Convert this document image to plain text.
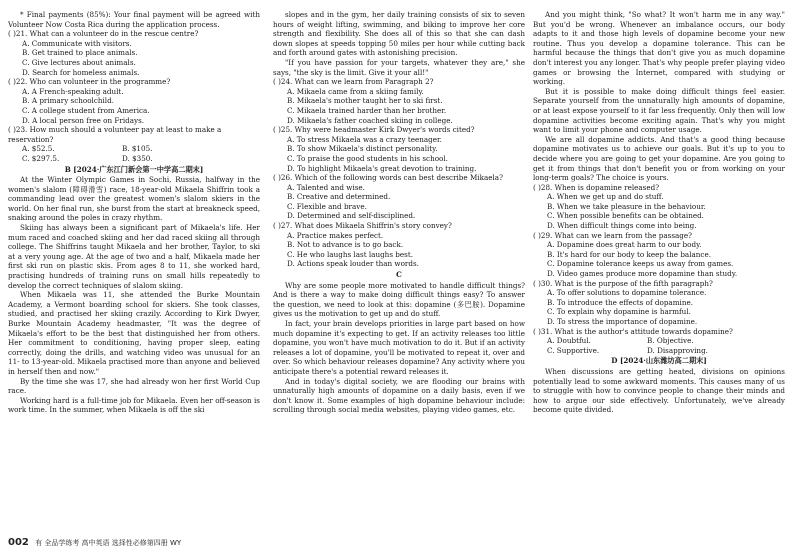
* Final payments (85%): Your final payment will be agreed with Volunteer Now Costa Rica during the application process.

( )21. What can a volunteer do in the rescue centre?

A. Communicate with visitors.

B. Get trained to place animals.

C. Give lectures about animals.

D. Search for homeless animals.

( )22. Who can volunteer in the programme?

A. A French-speaking adult.

B. A primary schoolchild.

C. A college student from America.

D. A local person free on Fridays.

( )23. How much should a volunteer pay at least to make a reservation?

A. $52.5.	B. $105.
C. $297.5.	D. $350.

B [2024·广东江门新会第一中学高二期末]

At the Winter Olympic Games in Sochi, Russia, halfway in the women's slalom (障碍滑雪) race, 18-year-old Mikaela Shiffrin took a commanding lead over the greatest women's slalom skiers in the world. On her final run, she burst from the start at breakneck speed, snaking around the poles in crazy rhythm.

Skiing has always been a significant part of Mikaela's life. Her mum raced and coached skiing and her dad raced skiing all through college. The Shiffrins taught Mikaela and her brother, Taylor, to ski at a very young age. At the age of two and a half, Mikaela made her first ski run on plastic skis. From ages 8 to 11, she worked hard, practising hundreds of training runs on small hills repeatedly to develop the correct techniques of slalom skiing.

When Mikaela was 11, she attended the Burke Mountain Academy, a Vermont boarding school for skiers. She took classes, studied, and practised her skiing crazily. According to Kirk Dwyer, Burke Mountain Academy headmaster, "It was the degree of Mikaela's effort to be the best that distinguished her from others. Her commitment to conditioning, having proper sleep, eating correctly, doing the drills, and watching video was unusual for an 11- to 13-year-old. Mikaela practised more than anyone and believed in herself then and now."

By the time she was 17, she had already won her first World Cup race.

Working hard is a full-time job for Mikaela. Even her off-season is work time. In the summer, when Mikaela is off the ski

slopes and in the gym, her daily training consists of six to seven hours of weight lifting, swimming, and biking to improve her core strength and flexibility. She does all of this so that she can dash down slopes at speeds topping 50 miles per hour while cutting back and forth around gates with astonishing precision.

"If you have passion for your targets, whatever they are," she says, "the sky is the limit. Give it your all!"

( )24. What can we learn from Paragraph 2?

A. Mikaela came from a skiing family.

B. Mikaela's mother taught her to ski first.

C. Mikaela trained harder than her brother.

D. Mikaela's father coached skiing in college.

( )25. Why were headmaster Kirk Dwyer's words cited?

A. To stress Mikaela was a crazy teenager.

B. To show Mikaela's distinct personality.

C. To praise the good students in his school.

D. To highlight Mikaela's great devotion to training.

( )26. Which of the following words can best describe Mikaela?

A. Talented and wise.

B. Creative and determined.

C. Flexible and brave.

D. Determined and self-disciplined.

( )27. What does Mikaela Shiffrin's story convey?

A. Practice makes perfect.

B. Not to advance is to go back.

C. He who laughs last laughs best.

D. Actions speak louder than words.

C

Why are some people more motivated to handle difficult things? And is there a way to make doing difficult things easy? To answer the question, we need to look at this: dopamine (多巴胺). Dopamine gives us the motivation to get up and do stuff.

In fact, your brain develops priorities in large part based on how much dopamine it's expecting to get. If an activity releases too little dopamine, you won't have much motivation to do it. But if an activity releases a lot of dopamine, you'll be motivated to repeat it, over and over. So which behaviour releases dopamine? Any activity where you anticipate there's a potential reward releases it.

And in today's digital society, we are flooding our brains with unnaturally high amounts of dopamine on a daily basis, even if we don't know it. Some examples of high dopamine behaviour include: scrolling through social media websites, playing video games, etc.

And you might think, "So what? It won't harm me in any way." But you'd be wrong. Whenever an imbalance occurs, our body adapts to it and those high levels of dopamine become your new routine. Thus you develop a dopamine tolerance. This can be harmful because the things that don't give you as much dopamine don't interest you any longer. That's why people prefer playing video games or browsing the Internet, compared with studying or working.

But it is possible to make doing difficult things feel easier. Separate yourself from the unnaturally high amounts of dopamine, or at least expose yourself to it far less frequently. Only then will low dopamine activities become exciting again. That's why you might want to limit your phone and computer usage.

We are all dopamine addicts. And that's a good thing because dopamine motivates us to achieve our goals. But it's up to you to decide where you are going to get your dopamine. Are you going to get it from things that don't benefit you or from working on your long-term goals? The choice is yours.

( )28. When is dopamine released?

A. When we get up and do stuff.

B. When we take pleasure in the behaviour.

C. When possible benefits can be obtained.

D. When difficult things come into being.

( )29. What can we learn from the passage?

A. Dopamine does great harm to our body.

B. It's hard for our body to keep the balance.

C. Dopamine tolerance keeps us away from games.

D. Video games produce more dopamine than study.

( )30. What is the purpose of the fifth paragraph?

A. To offer solutions to dopamine tolerance.

B. To introduce the effects of dopamine.

C. To explain why dopamine is harmful.

D. To stress the importance of dopamine.

( )31. What is the author's attitude towards dopamine?

A. Doubtful.	B. Objective.
C. Supportive.	D. Disapproving.

D [2024·山东潍坊高二期末]

When discussions are getting heated, divisions on opinions potentially lead to some awkward moments. This causes many of us to struggle with how to convince people to change their minds and how to argue our side effectively. Unfortunately, we've already become quite divided.

002 有 全品学练考 高中英语 选择性必修第四册 WY
